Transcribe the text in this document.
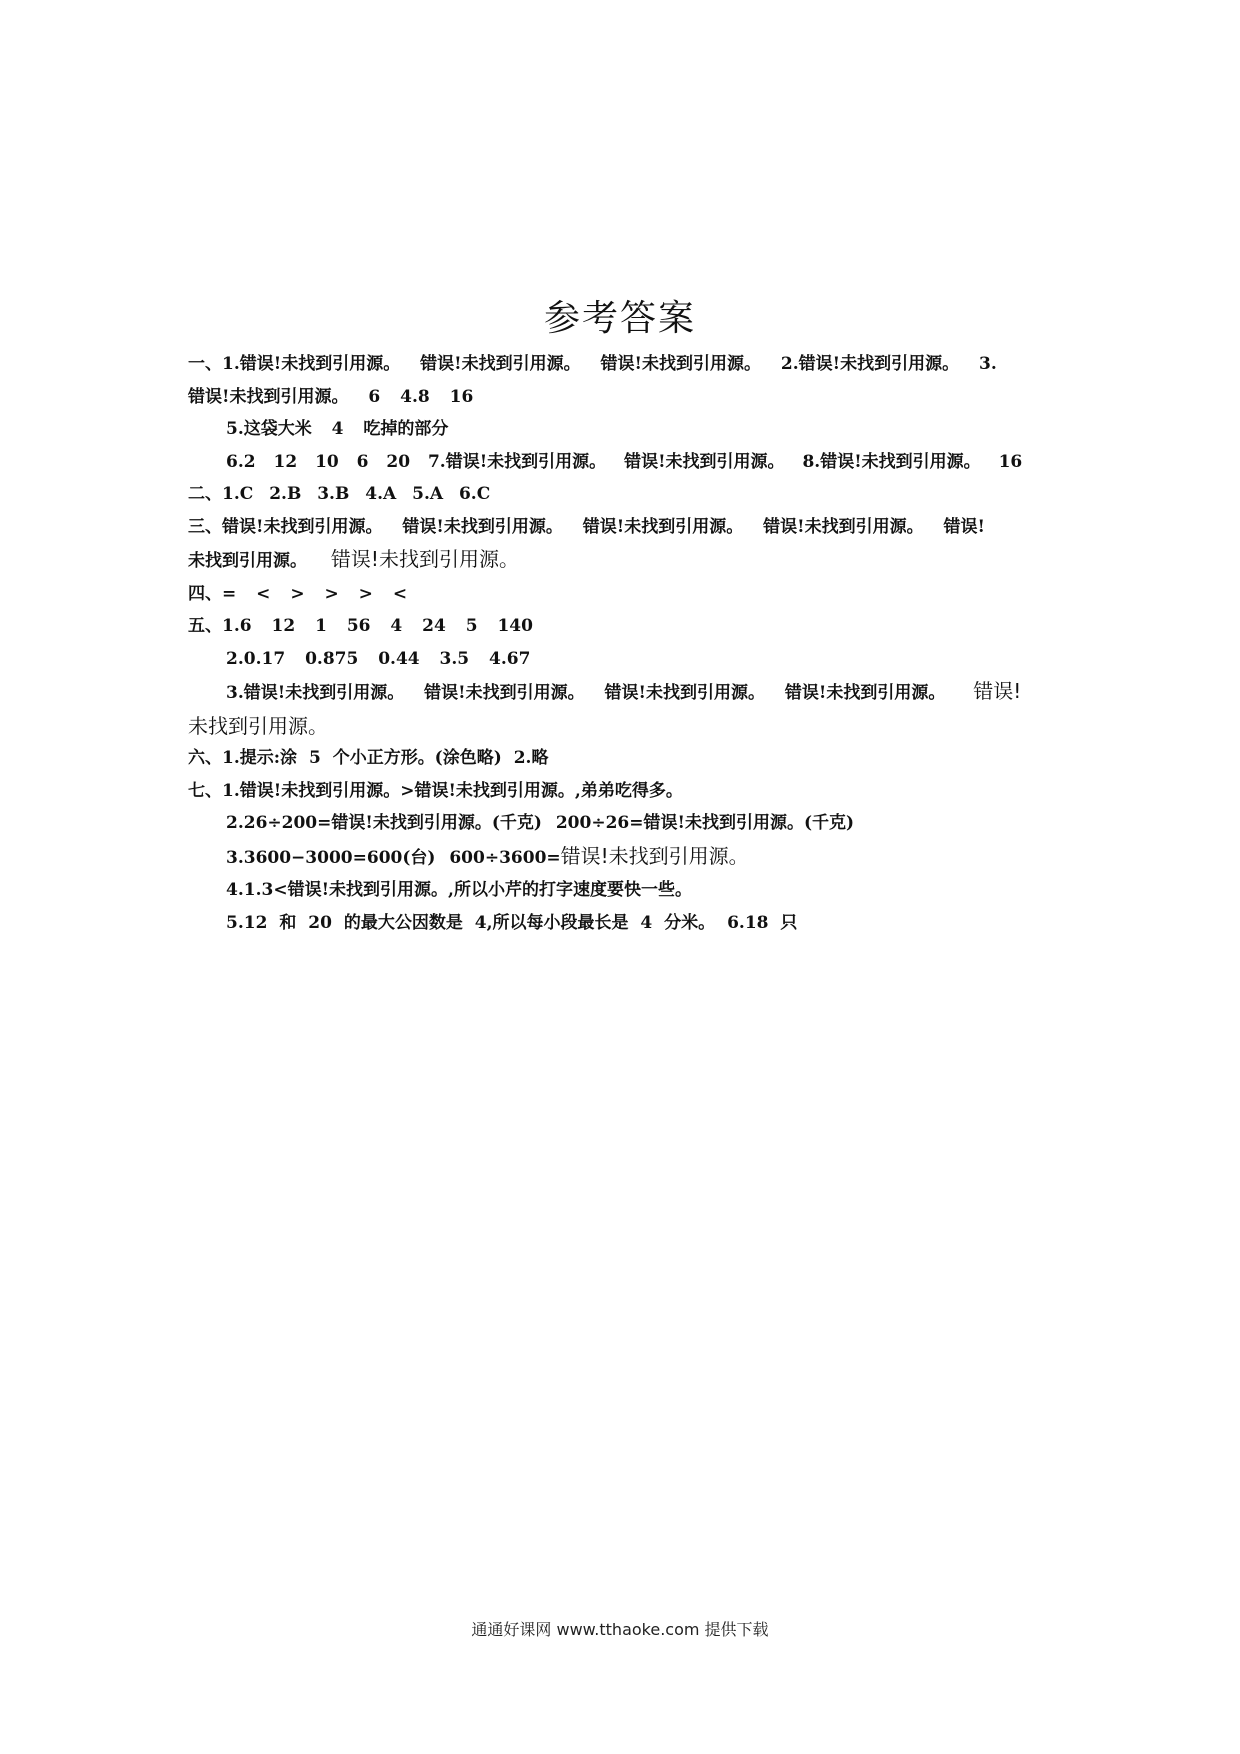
参考答案
一、1.错误!未找到引用源。 错误!未找到引用源。 错误!未找到引用源。 2.错误!未找到引用源。 3.
错误!未找到引用源。 6 4.8 16
5.这袋大米 4 吃掉的部分
6.2 12 10 6 20 7.错误!未找到引用源。 错误!未找到引用源。 8.错误!未找到引用源。 16
二、1.C 2.B 3.B 4.A 5.A 6.C
三、错误!未找到引用源。 错误!未找到引用源。 错误!未找到引用源。 错误!未找到引用源。 错误!
未找到引用源。 错误!未找到引用源。
四、= < > > > <
五、1.6 12 1 56 4 24 5 140
2.0.17 0.875 0.44 3.5 4.67
3.错误!未找到引用源。 错误!未找到引用源。 错误!未找到引用源。 错误!未找到引用源。 错误!
未找到引用源。
六、1.提示:涂 5 个小正方形。(涂色略) 2.略
七、1.错误!未找到引用源。>错误!未找到引用源。,弟弟吃得多。
2.26÷200=错误!未找到引用源。(千克) 200÷26=错误!未找到引用源。(千克)
3.3600−3000=600(台) 600÷3600=错误!未找到引用源。
4.1.3<错误!未找到引用源。,所以小芹的打字速度要快一些。
5.12 和 20 的最大公因数是 4,所以每小段最长是 4 分米。 6.18 只
通通好课网 www.tthaoke.com 提供下载
